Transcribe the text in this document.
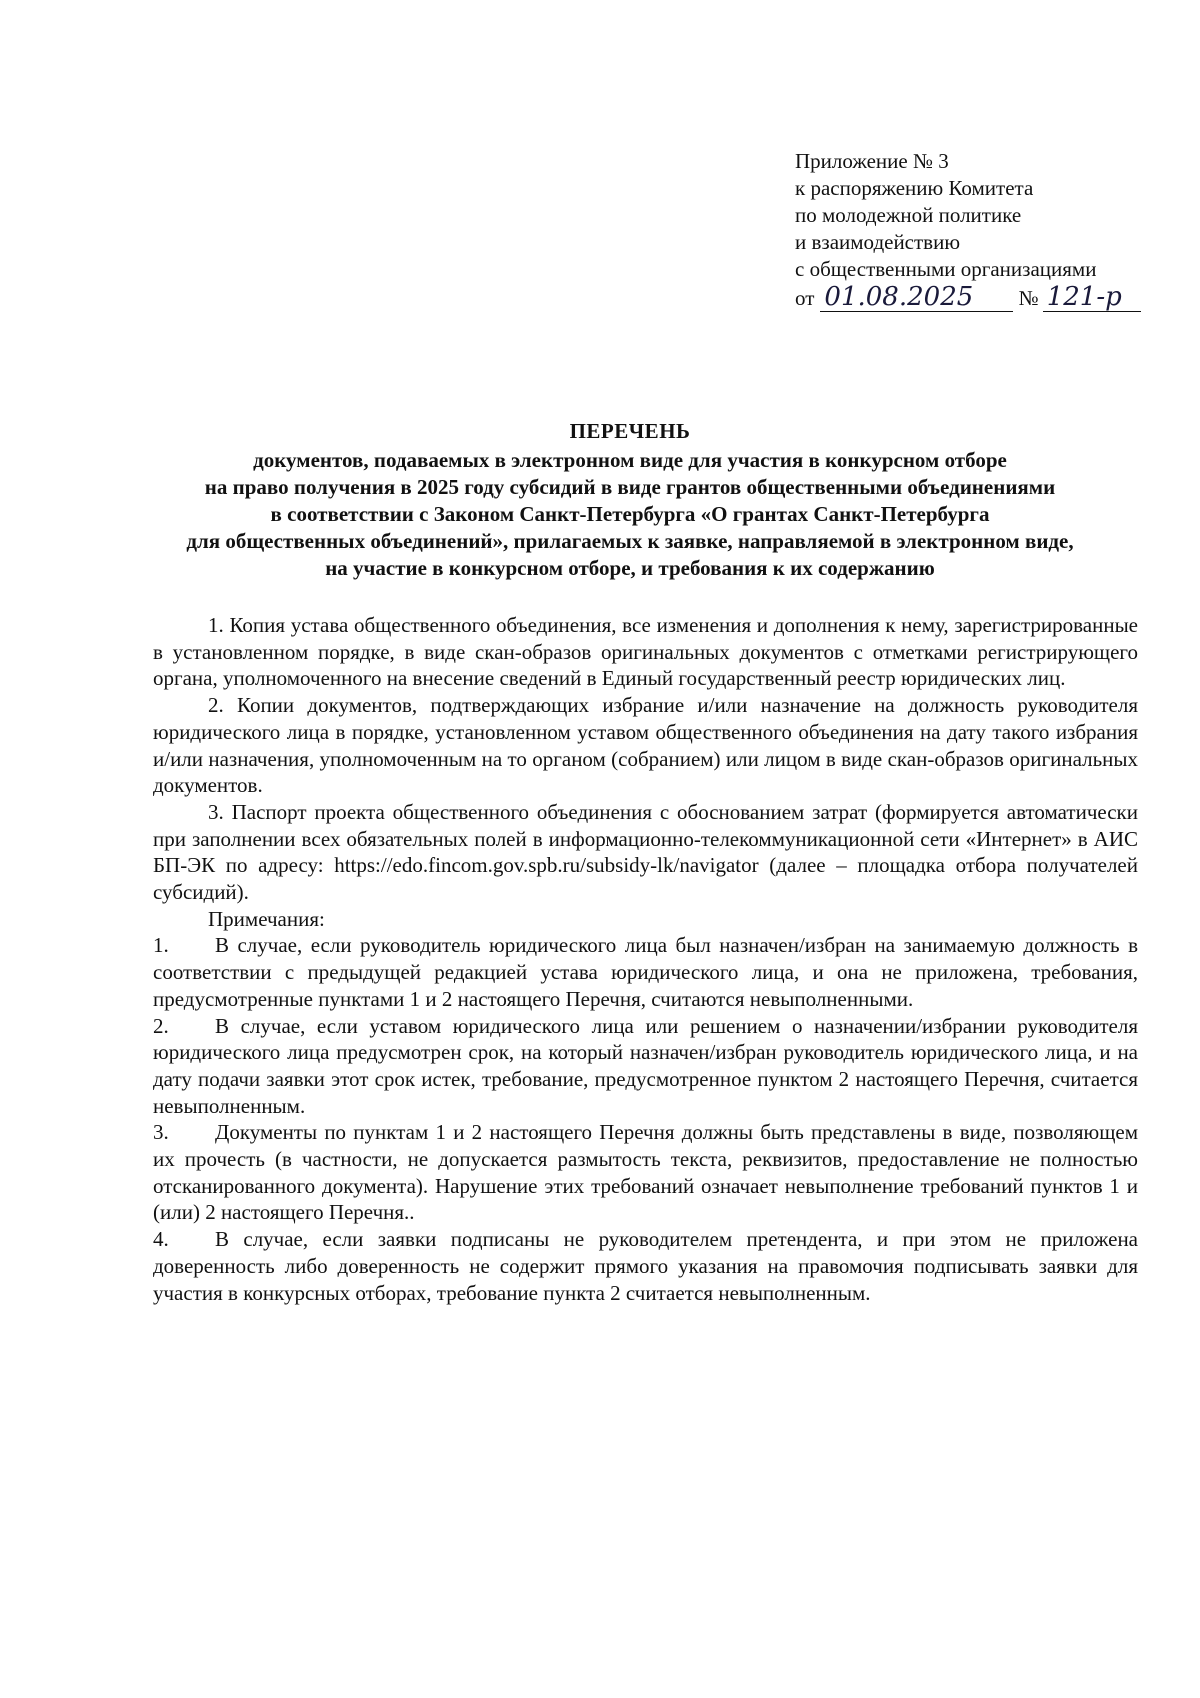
Приложение № 3
к распоряжению Комитета
по молодежной политике
и взаимодействию
с общественными организациями
от 01.08.2025 № 121-р
ПЕРЕЧЕНЬ
документов, подаваемых в электронном виде для участия в конкурсном отборе
на право получения в 2025 году субсидий в виде грантов общественными объединениями
в соответствии с Законом Санкт-Петербурга «О грантах Санкт-Петербурга
для общественных объединений», прилагаемых к заявке, направляемой в электронном виде,
на участие в конкурсном отборе, и требования к их содержанию

1. Копия устава общественного объединения, все изменения и дополнения к нему, зарегистрированные в установленном порядке, в виде скан-образов оригинальных документов с отметками регистрирующего органа, уполномоченного на внесение сведений в Единый государственный реестр юридических лиц.

2. Копии документов, подтверждающих избрание и/или назначение на должность руководителя юридического лица в порядке, установленном уставом общественного объединения на дату такого избрания и/или назначения, уполномоченным на то органом (собранием) или лицом в виде скан-образов оригинальных документов.

3. Паспорт проекта общественного объединения с обоснованием затрат (формируется автоматически при заполнении всех обязательных полей в информационно-телекоммуникационной сети «Интернет» в АИС БП-ЭК по адресу: https://edo.fincom.gov.spb.ru/subsidy-lk/navigator (далее – площадка отбора получателей субсидий).

Примечания:

1. В случае, если руководитель юридического лица был назначен/избран на занимаемую должность в соответствии с предыдущей редакцией устава юридического лица, и она не приложена, требования, предусмотренные пунктами 1 и 2 настоящего Перечня, считаются невыполненными.

2. В случае, если уставом юридического лица или решением о назначении/избрании руководителя юридического лица предусмотрен срок, на который назначен/избран руководитель юридического лица, и на дату подачи заявки этот срок истек, требование, предусмотренное пунктом 2 настоящего Перечня, считается невыполненным.

3. Документы по пунктам 1 и 2 настоящего Перечня должны быть представлены в виде, позволяющем их прочесть (в частности, не допускается размытость текста, реквизитов, предоставление не полностью отсканированного документа). Нарушение этих требований означает невыполнение требований пунктов 1 и (или) 2 настоящего Перечня..

4. В случае, если заявки подписаны не руководителем претендента, и при этом не приложена доверенность либо доверенность не содержит прямого указания на правомочия подписывать заявки для участия в конкурсных отборах, требование пункта 2 считается невыполненным.
